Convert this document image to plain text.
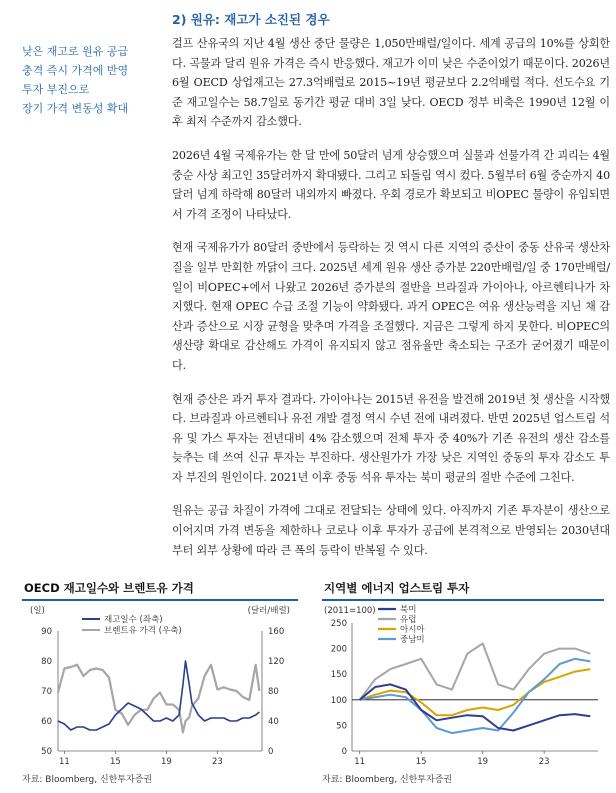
2) 원유: 재고가 소진된 경우
낮은 재고로 원유 공급
충격 즉시 가격에 반영
투자 부진으로
장기 가격 변동성 확대

걸프 산유국의 지난 4월 생산 중단 물량은 1,050만배럴/일이다. 세계 공급의 10%를 상회한다. 곡물과 달리 원유 가격은 즉시 반응했다. 재고가 이미 낮은 수준이었기 때문이다. 2026년 6월 OECD 상업재고는 27.3억배럴로 2015~19년 평균보다 2.2억배럴 적다. 선도수요 기준 재고일수는 58.7일로 동기간 평균 대비 3일 낮다. OECD 정부 비축은 1990년 12월 이후 최저 수준까지 감소했다.

2026년 4월 국제유가는 한 달 만에 50달러 넘게 상승했으며 실물과 선물가격 간 괴리는 4월 중순 사상 최고인 35달러까지 확대됐다. 그리고 되돌림 역시 컸다. 5월부터 6월 중순까지 40달러 넘게 하락해 80달러 내외까지 빠졌다. 우회 경로가 확보되고 비OPEC 물량이 유입되면서 가격 조정이 나타났다.

현재 국제유가가 80달러 중반에서 등락하는 것 역시 다른 지역의 증산이 중동 산유국 생산차질을 일부 만회한 까닭이 크다. 2025년 세계 원유 생산 증가분 220만배럴/일 중 170만배럴/일이 비OPEC+에서 나왔고 2026년 증가분의 절반을 브라질과 가이아나, 아르헨티나가 차지했다. 현재 OPEC 수급 조절 기능이 약화됐다. 과거 OPEC은 여유 생산능력을 지닌 채 감산과 증산으로 시장 균형을 맞추며 가격을 조절했다. 지금은 그렇게 하지 못한다. 비OPEC의 생산량 확대로 감산해도 가격이 유지되지 않고 점유율만 축소되는 구조가 굳어졌기 때문이다.

현재 증산은 과거 투자 결과다. 가이아나는 2015년 유전을 발견해 2019년 첫 생산을 시작했다. 브라질과 아르헨티나 유전 개발 결정 역시 수년 전에 내려졌다. 반면 2025년 업스트림 석유 및 가스 투자는 전년대비 4% 감소했으며 전체 투자 중 40%가 기존 유전의 생산 감소를 늦추는 데 쓰여 신규 투자는 부진하다. 생산원가가 가장 낮은 지역인 중동의 투자 감소도 투자 부진의 원인이다. 2021년 이후 중동 석유 투자는 북미 평균의 절반 수준에 그친다.

원유는 공급 차질이 가격에 그대로 전달되는 상태에 있다. 아직까지 기존 투자분이 생산으로 이어지며 가격 변동을 제한하나 코로나 이후 투자가 공급에 본격적으로 반영되는 2030년대부터 외부 상황에 따라 큰 폭의 등락이 반복될 수 있다.

OECD 재고일수와 브렌트유 가격
(일)	(달러/배럴)
50
60
70
80
90
0
40
80
120
160
11	15	19	23
재고일수 (좌축)
브렌트유 가격 (우축)
자료: Bloomberg, 신한투자증권
지역별 에너지 업스트림 투자
(2011=100)
0
50
100
150
200
250
11	15	19	23
북미
유럽
아시아
중남미
자료: Bloomberg, 신한투자증권
